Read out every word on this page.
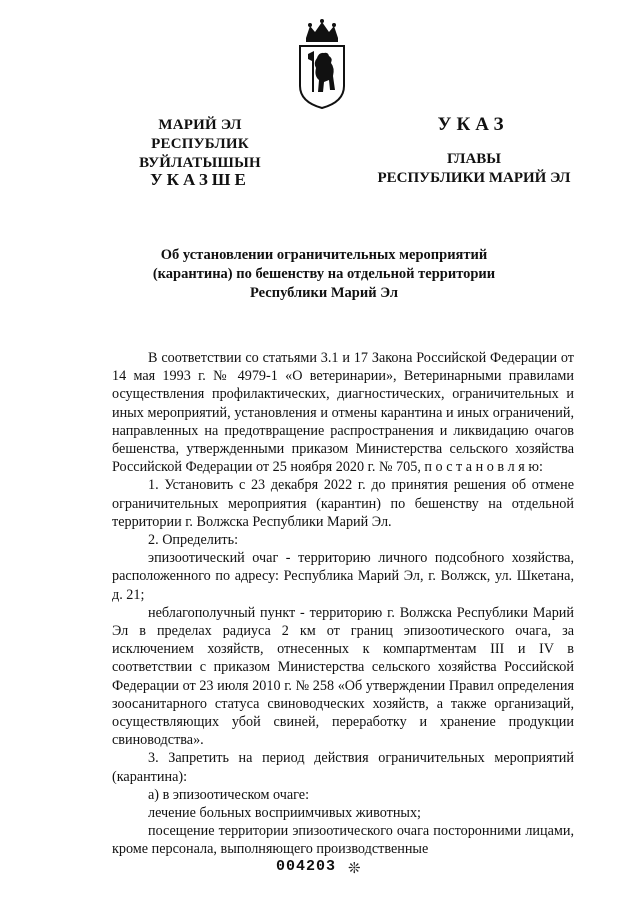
МАРИЙ ЭЛ РЕСПУБЛИК
ВУЙЛАТЫШЫН
УКАЗШЕ
УКАЗ
ГЛАВЫ
РЕСПУБЛИКИ МАРИЙ ЭЛ
Об установлении ограничительных мероприятий
(карантина) по бешенству на отдельной территории
Республики Марий Эл

В соответствии со статьями 3.1 и 17 Закона Российской Федерации от 14 мая 1993 г. № 4979-1 «О ветеринарии», Ветеринарными правилами осуществления профилактических, диагностических, ограничительных и иных мероприятий, установления и отмены карантина и иных ограничений, направленных на предотвращение распространения и ликвидацию очагов бешенства, утвержденными приказом Министерства сельского хозяйства Российской Федерации от 25 ноября 2020 г. № 705, п о с т а н о в л я ю:

1. Установить с 23 декабря 2022 г. до принятия решения об отмене ограничительных мероприятия (карантин) по бешенству на отдельной территории г. Волжска Республики Марий Эл.

2. Определить:

эпизоотический очаг - территорию личного подсобного хозяйства, расположенного по адресу: Республика Марий Эл, г. Волжск, ул. Шкетана, д. 21;

неблагополучный пункт - территорию г. Волжска Республики Марий Эл в пределах радиуса 2 км от границ эпизоотического очага, за исключением хозяйств, отнесенных к компартментам III и IV в соответствии с приказом Министерства сельского хозяйства Российской Федерации от 23 июля 2010 г. № 258 «Об утверждении Правил определения зоосанитарного статуса свиноводческих хозяйств, а также организаций, осуществляющих убой свиней, переработку и хранение продукции свиноводства».

3. Запретить на период действия ограничительных мероприятий (карантина):

а) в эпизоотическом очаге:

лечение больных восприимчивых животных;

посещение территории эпизоотического очага посторонними лицами, кроме персонала, выполняющего производственные

004203 ❊
